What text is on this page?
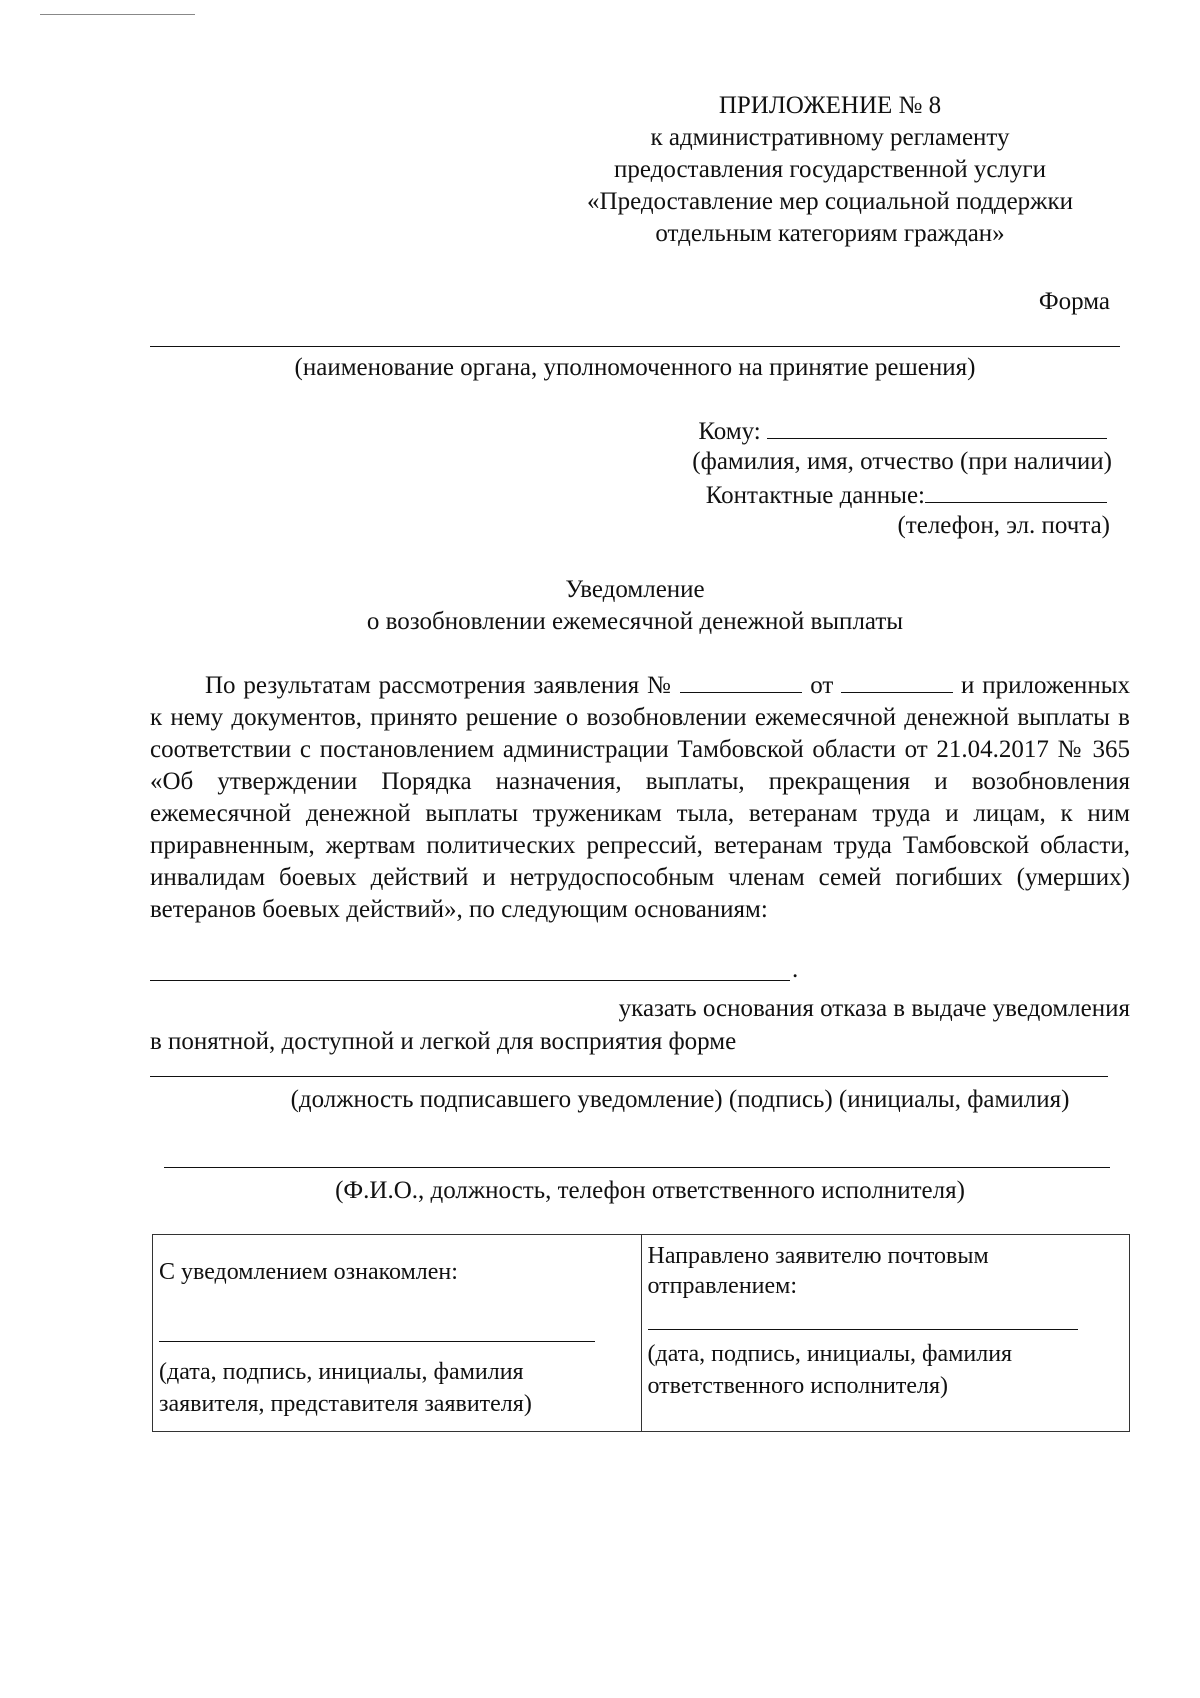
ПРИЛОЖЕНИЕ № 8
к административному регламенту
предоставления государственной услуги
«Предоставление мер социальной поддержки
отдельным категориям граждан»
Форма
(наименование органа, уполномоченного на принятие решения)
Кому:
(фамилия, имя, отчество (при наличии)
Контактные данные:
(телефон, эл. почта)
Уведомление
о возобновлении ежемесячной денежной выплаты
По результатам рассмотрения заявления №	от	и приложенных к нему документов, принято решение о возобновлении ежемесячной денежной выплаты в соответствии с постановлением администрации Тамбовской области от 21.04.2017 № 365 «Об утверждении Порядка назначения, выплаты, прекращения и возобновления ежемесячной денежной выплаты труженикам тыла, ветеранам труда и лицам, к ним приравненным, жертвам политических репрессий, ветеранам труда Тамбовской области, инвалидам боевых действий и нетрудоспособным членам семей погибших (умерших) ветеранов боевых действий», по следующим основаниям:
.
указать основания отказа в выдаче уведомления
в понятной, доступной и легкой для восприятия форме
(должность подписавшего уведомление) (подпись) (инициалы, фамилия)
(Ф.И.О., должность, телефон ответственного исполнителя)
С уведомлением ознакомлен:
(дата, подпись, инициалы, фамилия
заявителя, представителя заявителя)

Направлено заявителю почтовым
отправлением:
(дата, подпись, инициалы, фамилия
ответственного исполнителя)
